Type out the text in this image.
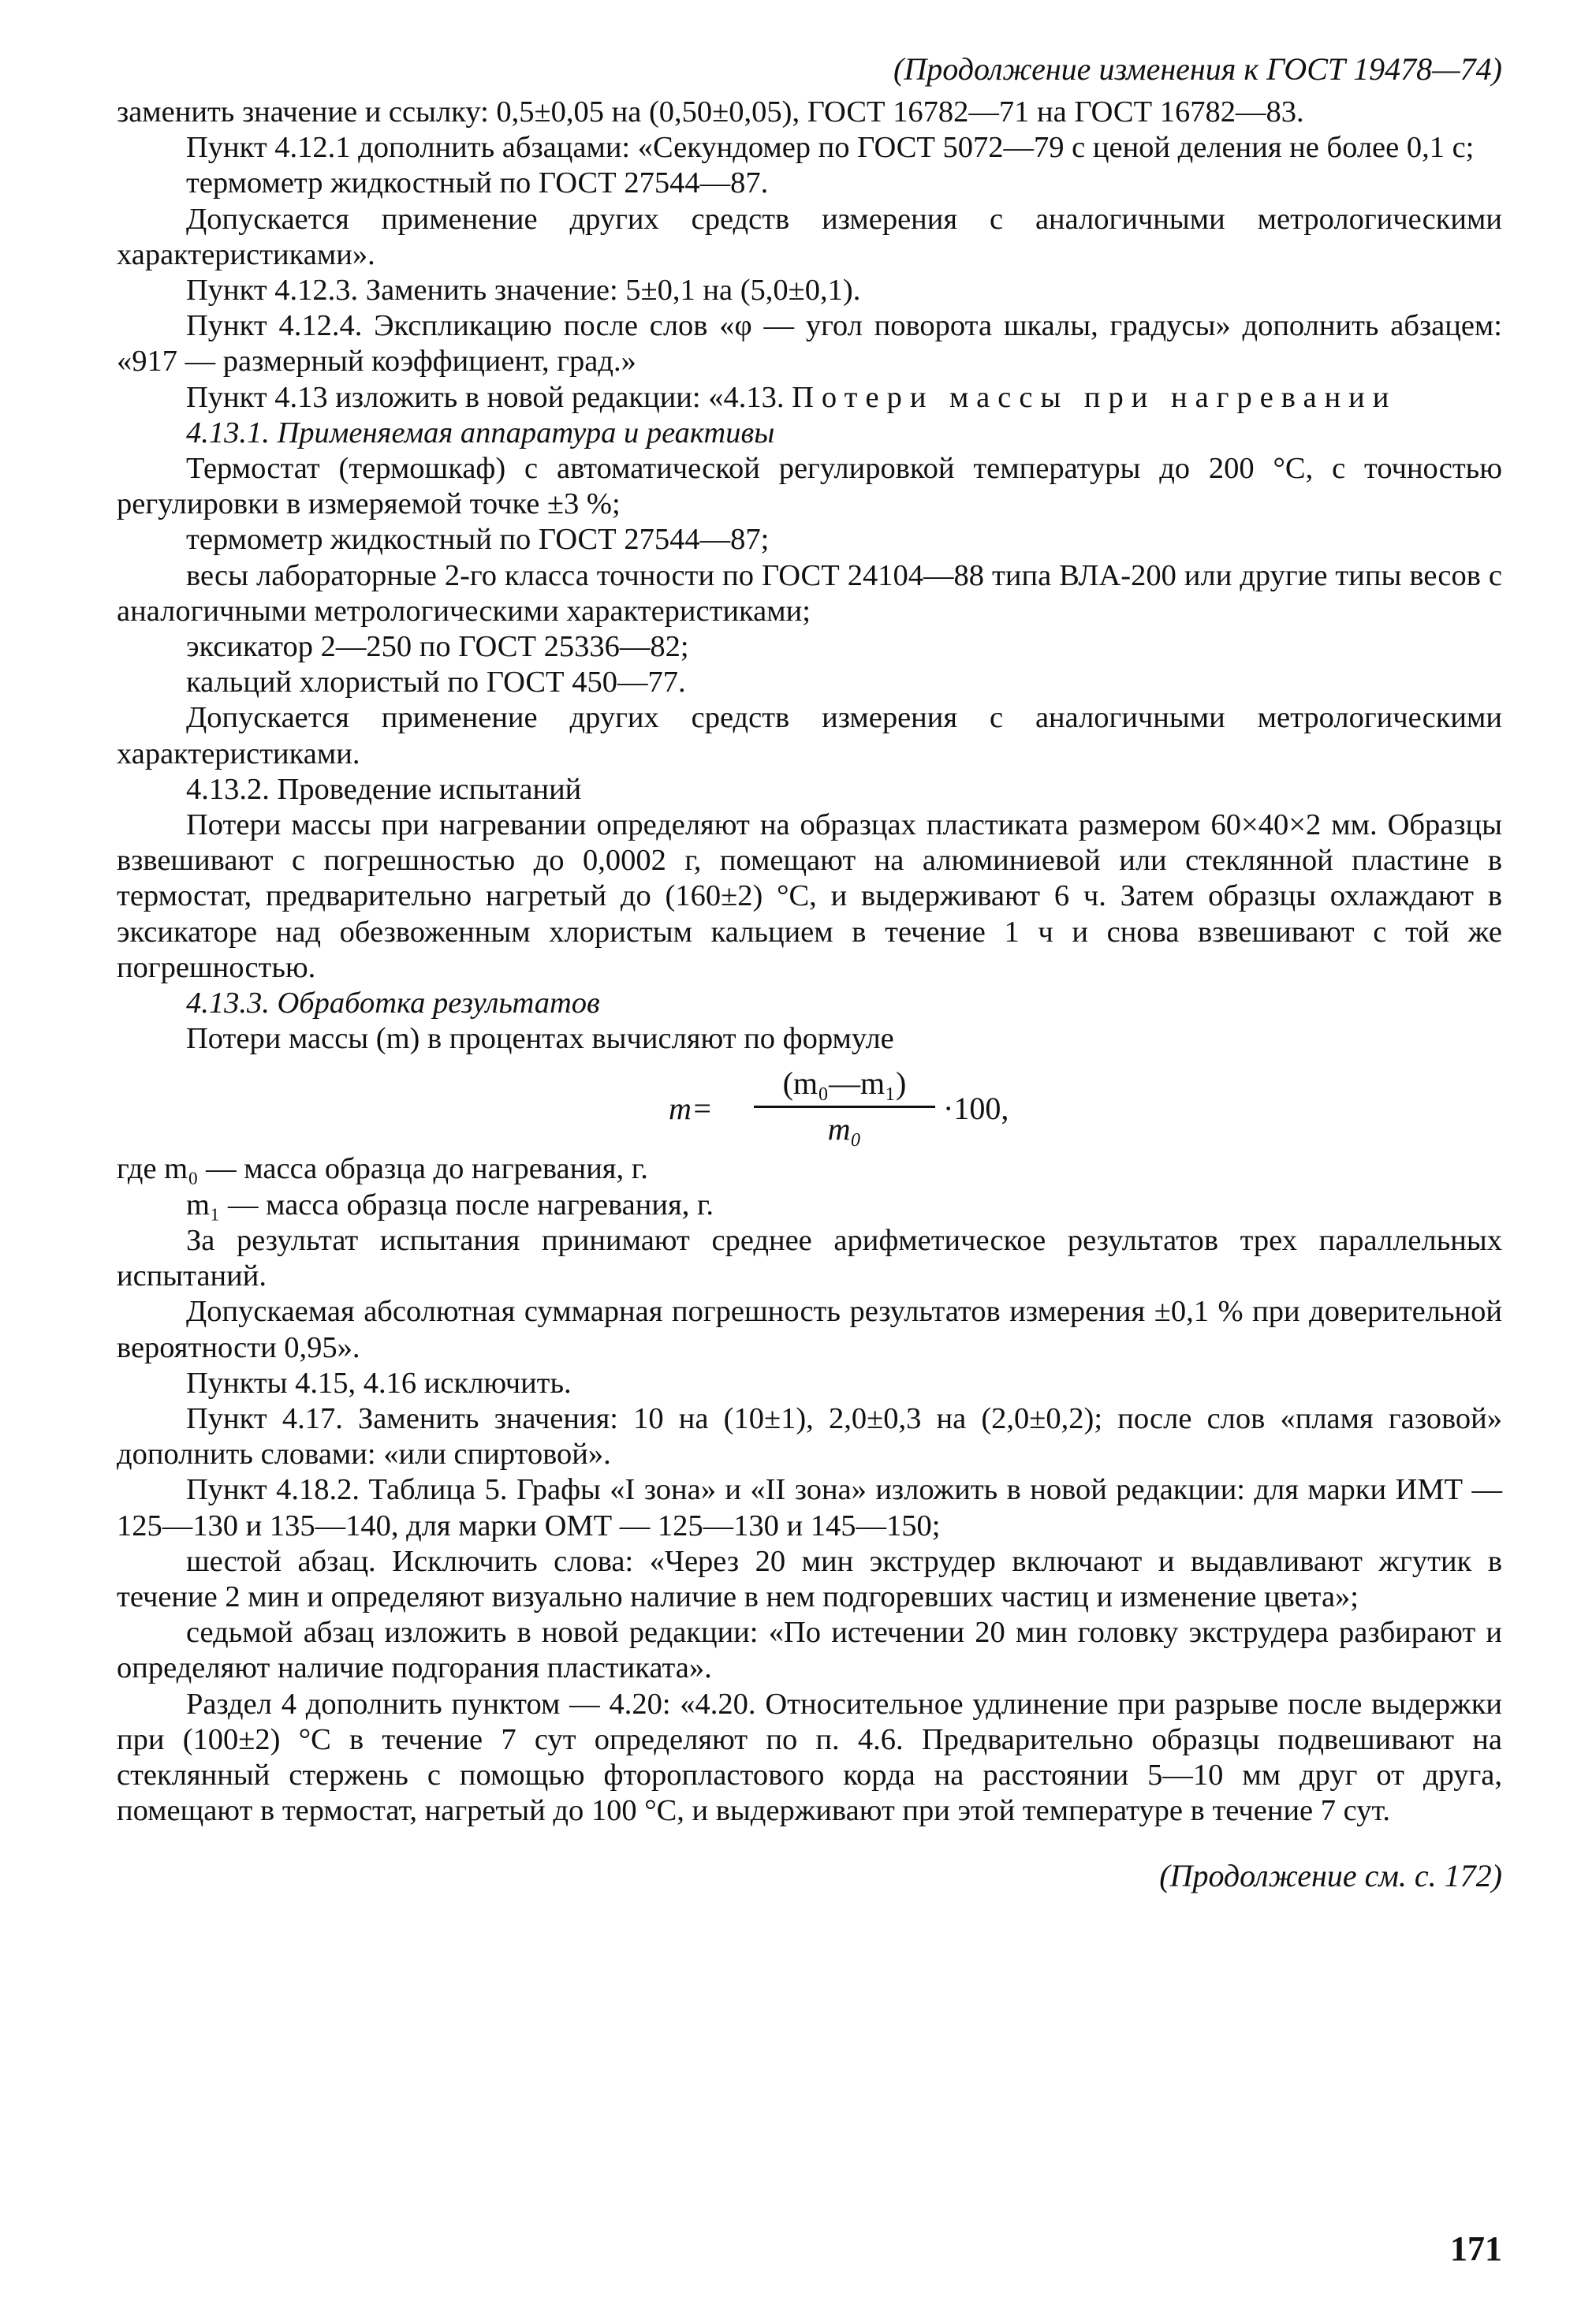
(Продолжение изменения к ГОСТ 19478—74)

заменить значение и ссылку: 0,5±0,05 на (0,50±0,05), ГОСТ 16782—71 на ГОСТ 16782—83.

Пункт 4.12.1 дополнить абзацами: «Секундомер по ГОСТ 5072—79 с ценой деления не более 0,1 с;

термометр жидкостный по ГОСТ 27544—87.

Допускается применение других средств измерения с аналогичными метрологическими характеристиками».

Пункт 4.12.3. Заменить значение: 5±0,1 на (5,0±0,1).

Пункт 4.12.4. Экспликацию после слов «φ — угол поворота шкалы, градусы» дополнить абзацем: «917 — размерный коэффициент, град.»

Пункт 4.13 изложить в новой редакции: «4.13. Потери массы при нагревании

4.13.1. Применяемая аппаратура и реактивы

Термостат (термошкаф) с автоматической регулировкой температуры до 200 °С, с точностью регулировки в измеряемой точке ±3 %;

термометр жидкостный по ГОСТ 27544—87;

весы лабораторные 2-го класса точности по ГОСТ 24104—88 типа ВЛА-200 или другие типы весов с аналогичными метрологическими характеристиками;

эксикатор 2—250 по ГОСТ 25336—82;

кальций хлористый по ГОСТ 450—77.

Допускается применение других средств измерения с аналогичными метрологическими характеристиками.

4.13.2. Проведение испытаний

Потери массы при нагревании определяют на образцах пластиката размером 60×40×2 мм. Образцы взвешивают с погрешностью до 0,0002 г, помещают на алюминиевой или стеклянной пластине в термостат, предварительно нагретый до (160±2) °С, и выдерживают 6 ч. Затем образцы охлаждают в эксикаторе над обезвоженным хлористым кальцием в течение 1 ч и снова взвешивают с той же погрешностью.

4.13.3. Обработка результатов

Потери массы (m) в процентах вычисляют по формуле

m=
(m₀—m₁)
m₀
·100,

где m₀ — масса образца до нагревания, г.

m₁ — масса образца после нагревания, г.

За результат испытания принимают среднее арифметическое результатов трех параллельных испытаний.

Допускаемая абсолютная суммарная погрешность результатов измерения ±0,1 % при доверительной вероятности 0,95».

Пункты 4.15, 4.16 исключить.

Пункт 4.17. Заменить значения: 10 на (10±1), 2,0±0,3 на (2,0±0,2); после слов «пламя газовой» дополнить словами: «или спиртовой».

Пункт 4.18.2. Таблица 5. Графы «I зона» и «II зона» изложить в новой редакции: для марки ИМТ — 125—130 и 135—140, для марки ОМТ — 125—130 и 145—150;

шестой абзац. Исключить слова: «Через 20 мин экструдер включают и выдавливают жгутик в течение 2 мин и определяют визуально наличие в нем подгоревших частиц и изменение цвета»;

седьмой абзац изложить в новой редакции: «По истечении 20 мин головку экструдера разбирают и определяют наличие подгорания пластиката».

Раздел 4 дополнить пунктом — 4.20: «4.20. Относительное удлинение при разрыве после выдержки при (100±2) °С в течение 7 сут определяют по п. 4.6. Предварительно образцы подвешивают на стеклянный стержень с помощью фторопластового корда на расстоянии 5—10 мм друг от друга, помещают в термостат, нагретый до 100 °С, и выдерживают при этой температуре в течение 7 сут.

(Продолжение см. с. 172)
171
